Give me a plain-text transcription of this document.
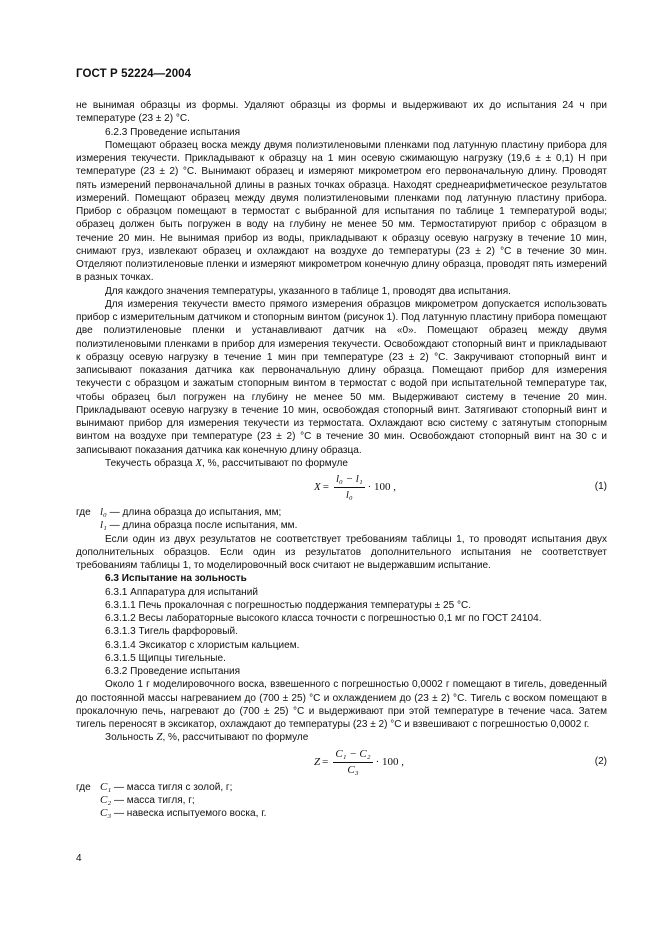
ГОСТ Р 52224—2004

не вынимая образцы из формы. Удаляют образцы из формы и выдерживают их до испытания 24 ч при температуре (23 ± 2) °С.

6.2.3 Проведение испытания

Помещают образец воска между двумя полиэтиленовыми пленками под латунную пластину прибора для измерения текучести. Прикладывают к образцу на 1 мин осевую сжимающую нагрузку (19,6 ± ± 0,1) Н при температуре (23 ± 2) °С. Вынимают образец и измеряют микрометром его первоначальную длину. Проводят пять измерений первоначальной длины в разных точках образца. Находят среднеарифметическое результатов измерений. Помещают образец между двумя полиэтиленовыми пленками под латунную пластину прибора. Прибор с образцом помещают в термостат с выбранной для испытания по таблице 1 температурой воды; образец должен быть погружен в воду на глубину не менее 50 мм. Термостатируют прибор с образцом в течение 20 мин. Не вынимая прибор из воды, прикладывают к образцу осевую нагрузку в течение 10 мин, снимают груз, извлекают образец и охлаждают на воздухе до температуры (23 ± 2) °С в течение 30 мин. Отделяют полиэтиленовые пленки и измеряют микрометром конечную длину образца, проводят пять измерений в разных точках.

Для каждого значения температуры, указанного в таблице 1, проводят два испытания.

Для измерения текучести вместо прямого измерения образцов микрометром допускается использовать прибор с измерительным датчиком и стопорным винтом (рисунок 1). Под латунную пластину прибора помещают две полиэтиленовые пленки и устанавливают датчик на «0». Помещают образец между двумя полиэтиленовыми пленками в прибор для измерения текучести. Освобождают стопорный винт и прикладывают к образцу осевую нагрузку в течение 1 мин при температуре (23 ± 2) °С. Закручивают стопорный винт и записывают показания датчика как первоначальную длину образца. Помещают прибор для измерения текучести с образцом и зажатым стопорным винтом в термостат с водой при испытательной температуре так, чтобы образец был погружен на глубину не менее 50 мм. Выдерживают систему в течение 20 мин. Прикладывают осевую нагрузку в течение 10 мин, освобождая стопорный винт. Затягивают стопорный винт и вынимают прибор для измерения текучести из термостата. Охлаждают всю систему с затянутым стопорным винтом на воздухе при температуре (23 ± 2) °С в течение 30 мин. Освобождают стопорный винт на 30 с и записывают показания датчика как конечную длину образца.

Текучесть образца X, %, рассчитывают по формуле

$X = \frac{\text{l₀ − l₁}}{\text{l₀}} \cdot 100$ ,	(1)
где l₀ — длина образца до испытания, мм;
l₁ — длина образца после испытания, мм.

Если один из двух результатов не соответствует требованиям таблицы 1, то проводят испытания двух дополнительных образцов. Если один из результатов дополнительного испытания не соответствует требованиям таблицы 1, то моделировочный воск считают не выдержавшим испытание.

6.3 Испытание на зольность

6.3.1 Аппаратура для испытаний

6.3.1.1 Печь прокалочная с погрешностью поддержания температуры ± 25 °С.

6.3.1.2 Весы лабораторные высокого класса точности с погрешностью 0,1 мг по ГОСТ 24104.

6.3.1.3 Тигель фарфоровый.

6.3.1.4 Эксикатор с хлористым кальцием.

6.3.1.5 Щипцы тигельные.

6.3.2 Проведение испытания

Около 1 г моделировочного воска, взвешенного с погрешностью 0,0002 г помещают в тигель, доведенный до постоянной массы нагреванием до (700 ± 25) °С и охлаждением до (23 ± 2) °С. Тигель с воском помещают в прокалочную печь, нагревают до (700 ± 25) °С и выдерживают при этой температуре в течение часа. Затем тигель переносят в эксикатор, охлаждают до температуры (23 ± 2) °С и взвешивают с погрешностью 0,0002 г.

Зольность Z, %, рассчитывают по формуле

$Z = \frac{\text{C₁ − C₂}}{\text{C₃}} \cdot 100$ ,	(2)
где C₁ — масса тигля с золой, г;
C₂ — масса тигля, г;
C₃ — навеска испытуемого воска, г.
4
